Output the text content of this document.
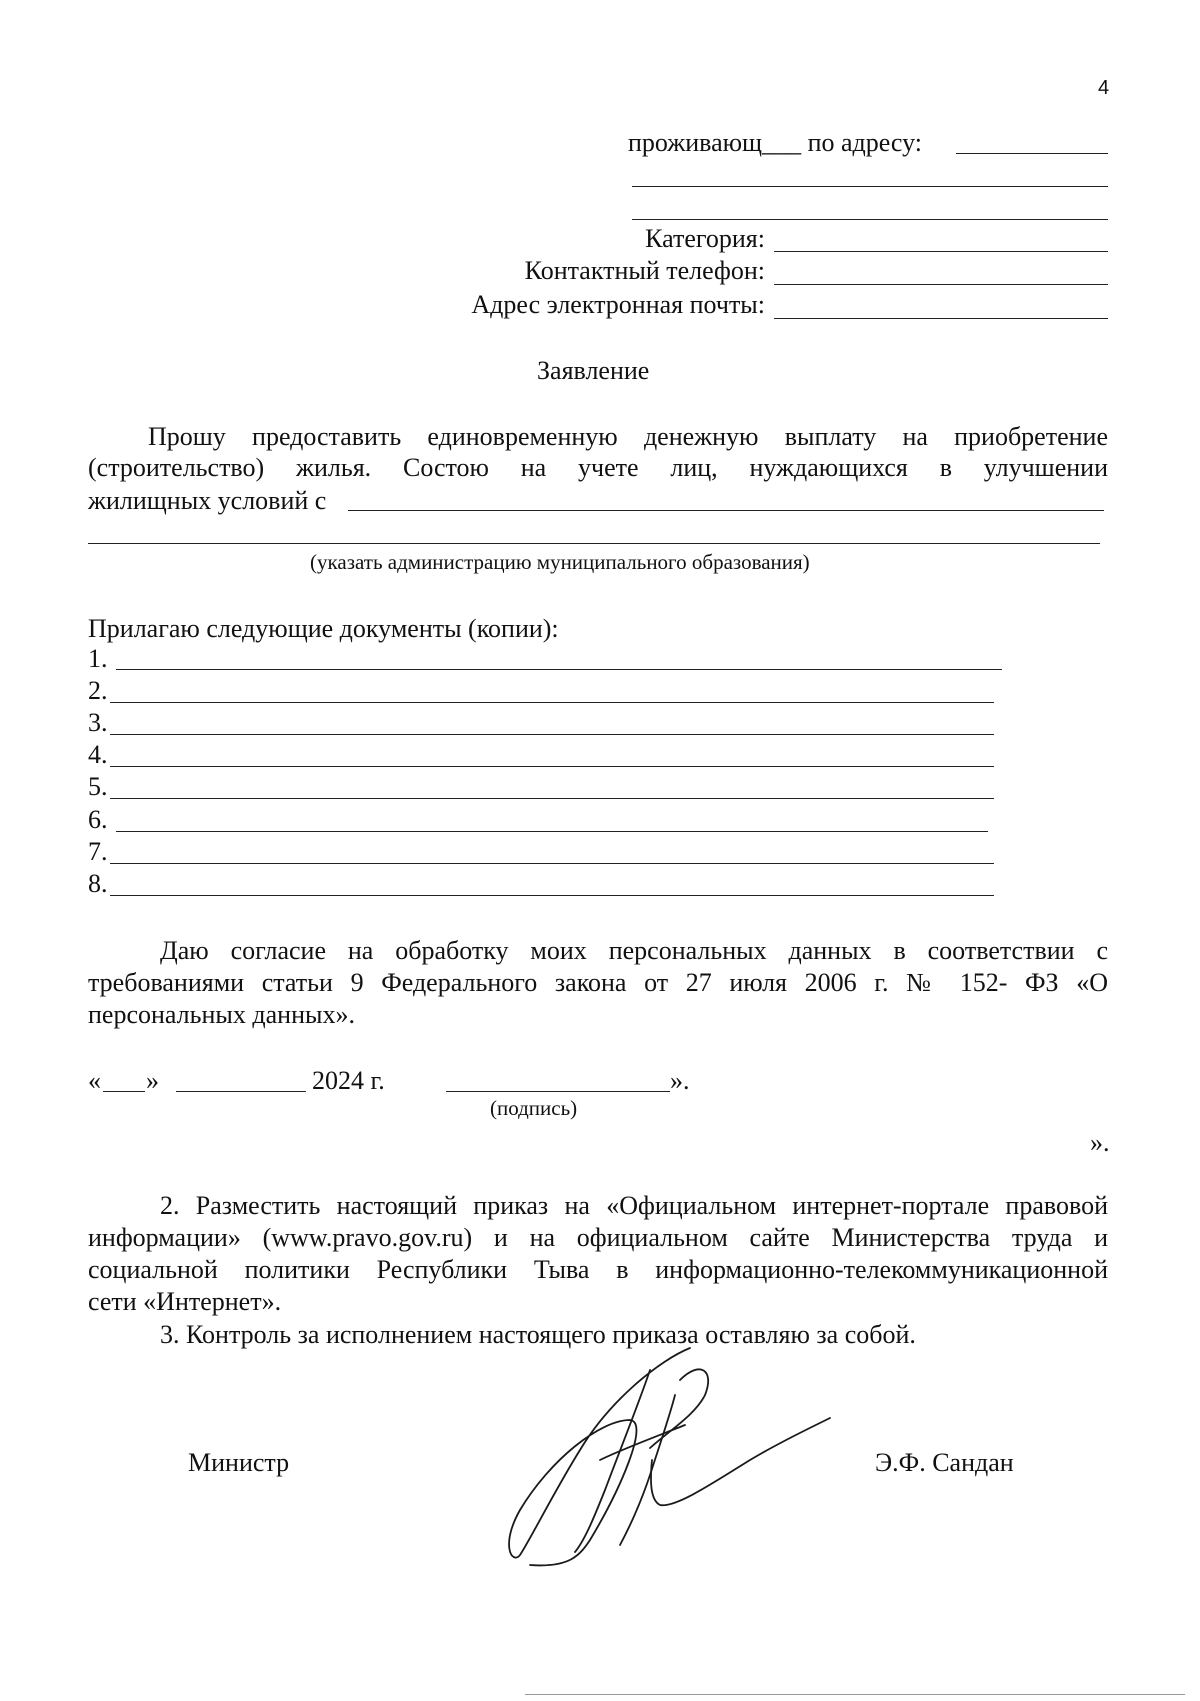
4
проживающ___ по адресу:
Категория:
Контактный телефон:
Адрес электронная почты:
Заявление
Прошу предоставить единовременную денежную выплату на приобретение
(строительство) жилья. Состою на учете лиц, нуждающихся в улучшении
жилищных условий с
(указать администрацию муниципального образования)
Прилагаю следующие документы (копии):
1.
2.
3.
4.
5.
6.
7.
8.
Даю согласие на обработку моих персональных данных в соответствии с
требованиями статьи 9 Федерального закона от 27 июля 2006 г. № 152- ФЗ «О
персональных данных».
« »	2024 г.	».
(подпись)
».
2. Разместить настоящий приказ на «Официальном интернет-портале правовой
информации» (www.pravo.gov.ru) и на официальном сайте Министерства труда и
социальной политики Республики Тыва в информационно-телекоммуникационной
сети «Интернет».
3. Контроль за исполнением настоящего приказа оставляю за собой.
Министр	Э.Ф. Сандан
